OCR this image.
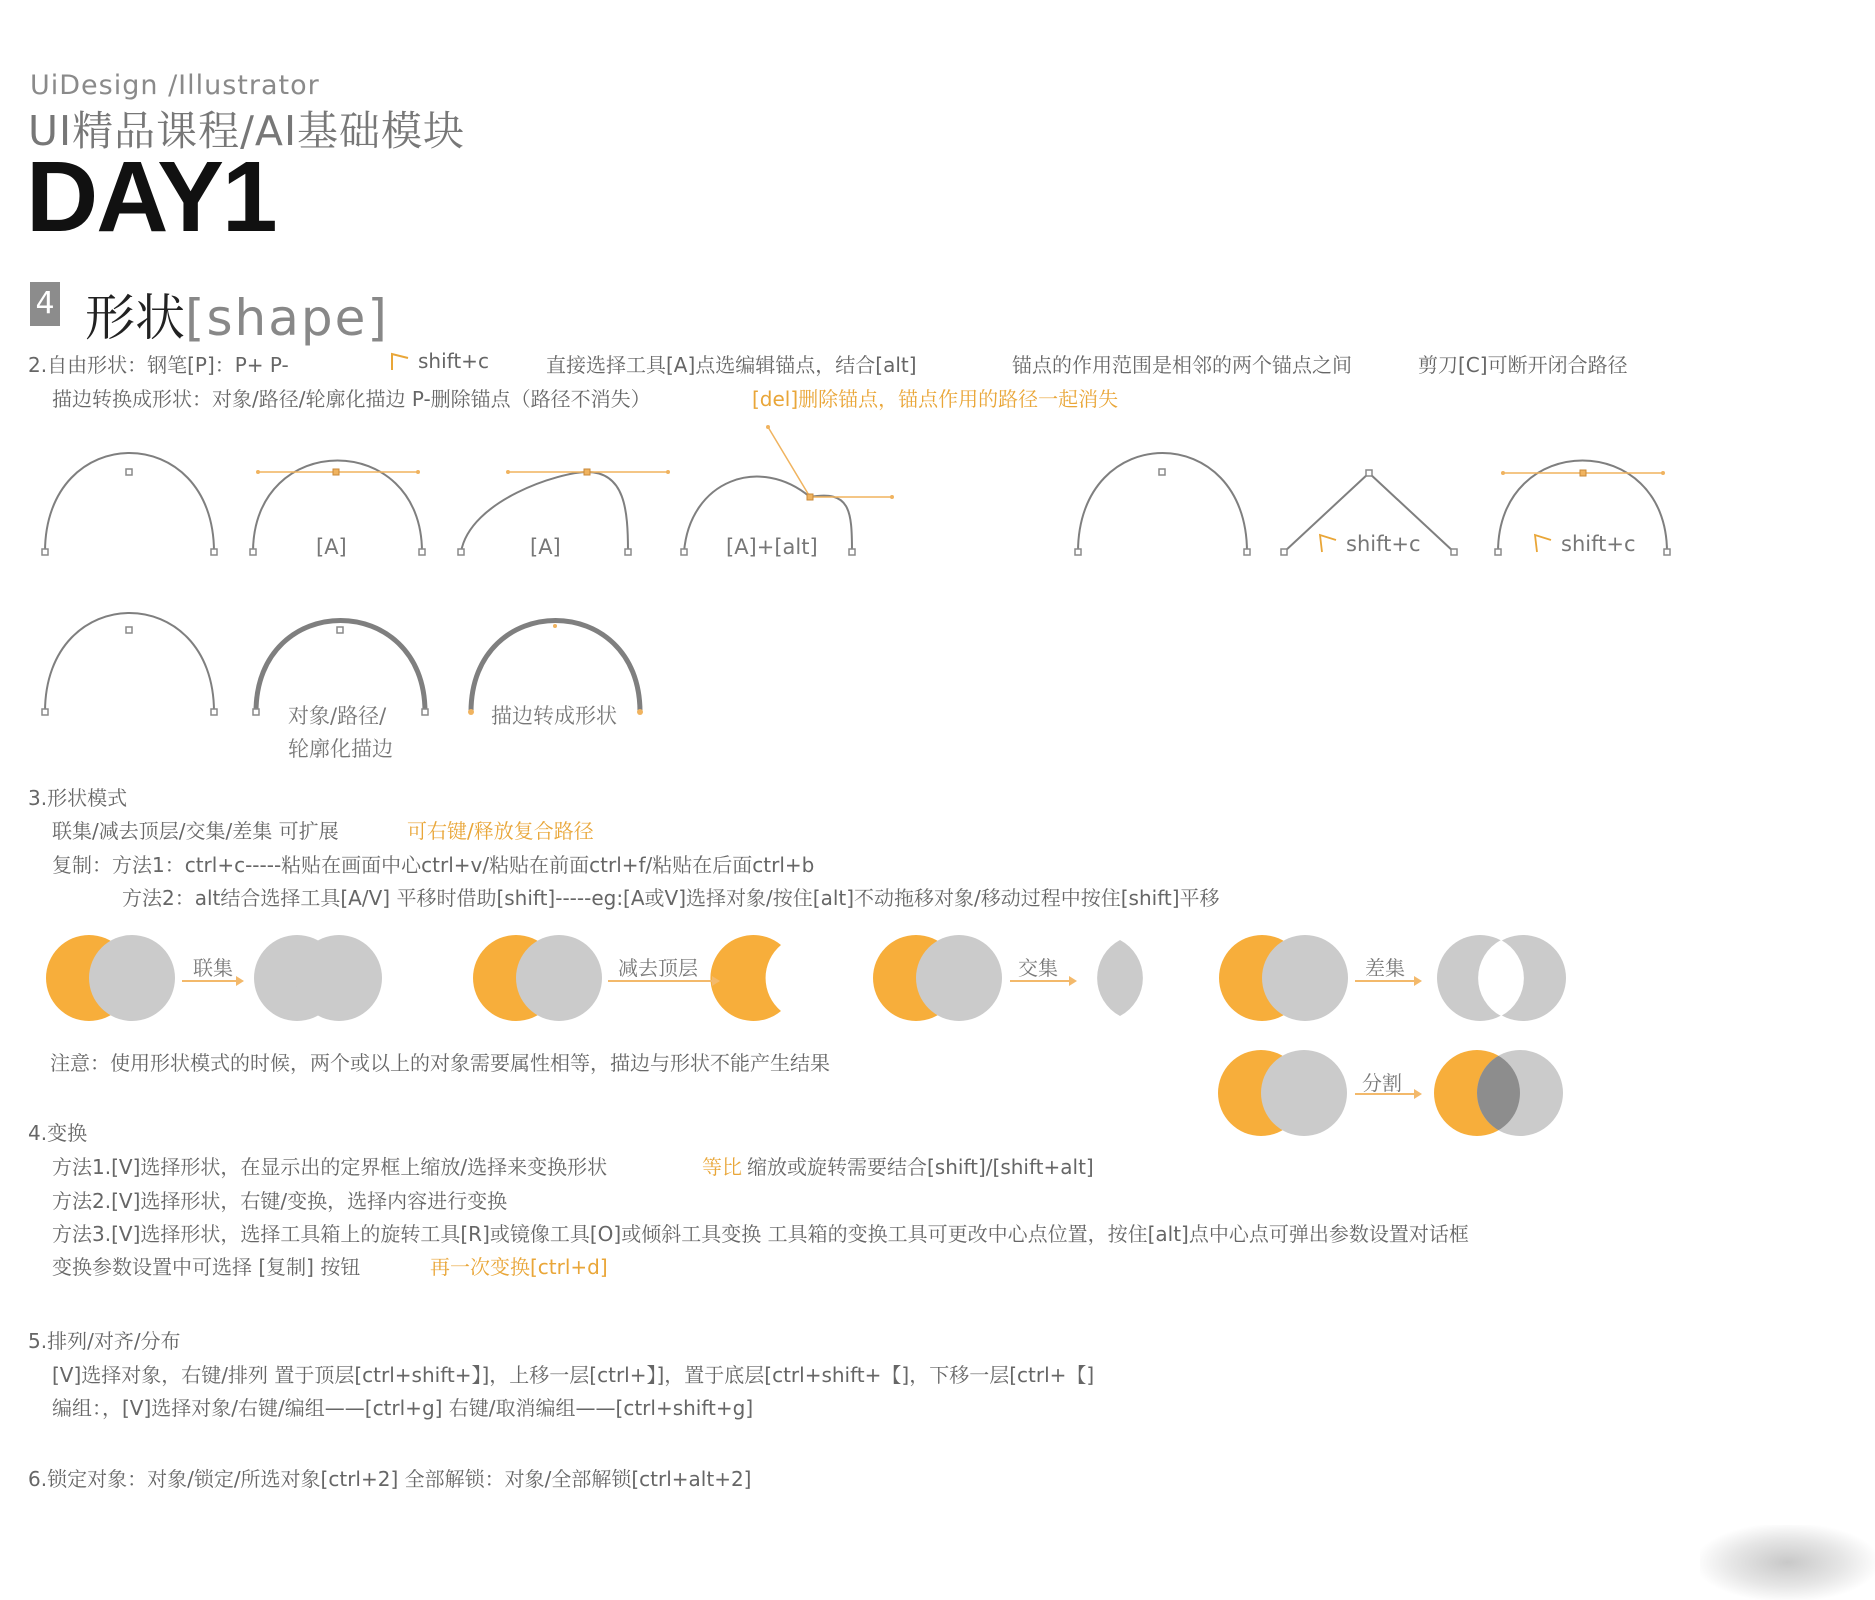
UiDesign /Illustrator
UI精品课程/AI基础模块
DAY1
4 形状[shape]
2.自由形状：钢笔[P]：P+ P-	shift+c	直接选择工具[A]点选编辑锚点，结合[alt]	锚点的作用范围是相邻的两个锚点之间	剪刀[C]可断开闭合路径
描边转换成形状：对象/路径/轮廓化描边 P-删除锚点（路径不消失）	[del]删除锚点，锚点作用的路径一起消失
[A]	[A]	[A]+[alt]	shift+c	shift+c
对象/路径/
轮廓化描边
描边转成形状
3.形状模式
联集/减去顶层/交集/差集 可扩展	可右键/释放复合路径
复制：方法1：ctrl+c-----粘贴在画面中心ctrl+v/粘贴在前面ctrl+f/粘贴在后面ctrl+b
方法2：alt结合选择工具[A/V] 平移时借助[shift]-----eg:[A或V]选择对象/按住[alt]不动拖移对象/移动过程中按住[shift]平移
联集	减去顶层	交集	差集
分割
注意：使用形状模式的时候，两个或以上的对象需要属性相等，描边与形状不能产生结果
4.变换
方法1.[V]选择形状，在显示出的定界框上缩放/选择来变换形状	等比 缩放或旋转需要结合[shift]/[shift+alt]
方法2.[V]选择形状，右键/变换，选择内容进行变换
方法3.[V]选择形状，选择工具箱上的旋转工具[R]或镜像工具[O]或倾斜工具变换 工具箱的变换工具可更改中心点位置，按住[alt]点中心点可弹出参数设置对话框
变换参数设置中可选择 [复制] 按钮	再一次变换[ctrl+d]
5.排列/对齐/分布
[V]选择对象，右键/排列 置于顶层[ctrl+shift+】]，上移一层[ctrl+】]，置于底层[ctrl+shift+【]，下移一层[ctrl+【]
编组：，[V]选择对象/右键/编组——[ctrl+g] 右键/取消编组——[ctrl+shift+g]
6.锁定对象：对象/锁定/所选对象[ctrl+2] 全部解锁：对象/全部解锁[ctrl+alt+2]
